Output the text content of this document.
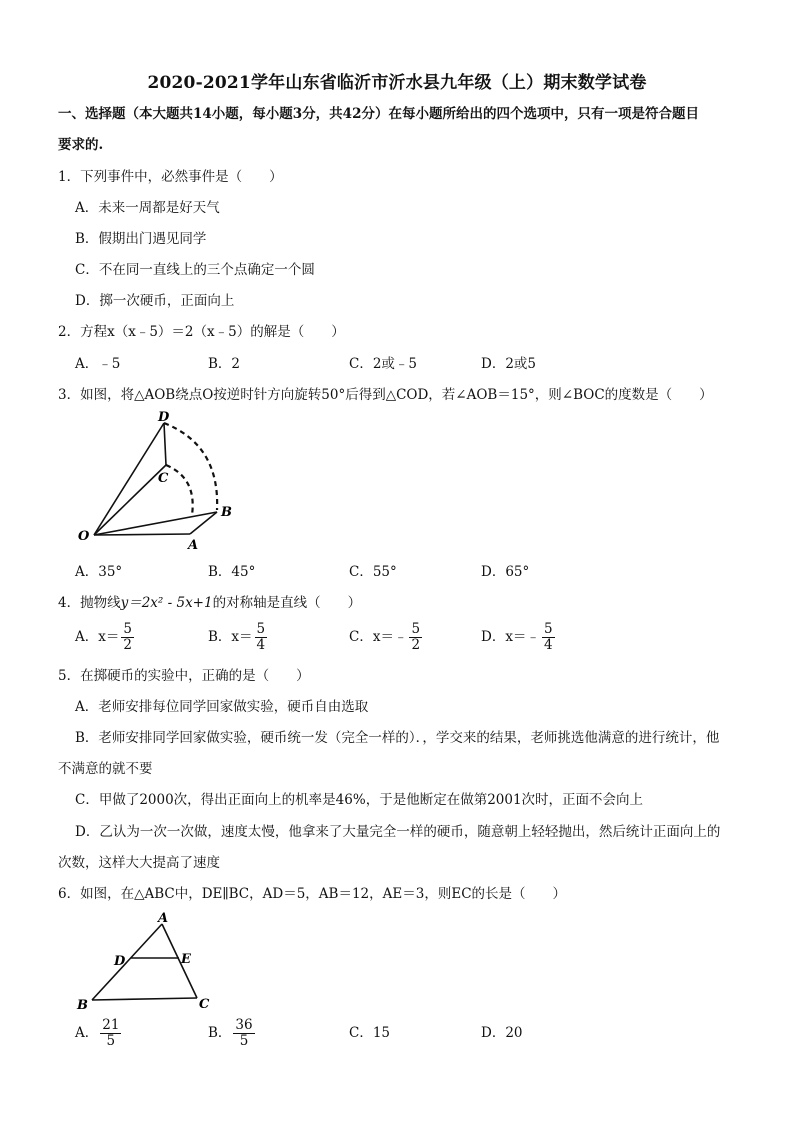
2020-2021学年山东省临沂市沂水县九年级（上）期末数学试卷
一、选择题（本大题共14小题，每小题3分，共42分）在每小题所给出的四个选项中，只有一项是符合题目
要求的.
1．下列事件中，必然事件是（　　）
A．未来一周都是好天气
B．假期出门遇见同学
C．不在同一直线上的三个点确定一个圆
D．掷一次硬币，正面向上
2．方程x（x﹣5）＝2（x﹣5）的解是（　　）
A．﹣5	B．2	C．2或﹣5	D．2或5
3．如图，将△AOB绕点O按逆时针方向旋转50°后得到△COD，若∠AOB＝15°，则∠BOC的度数是（　　）
D
C
O
A
B
A．35°	B．45°	C．55°	D．65°
4．抛物线y＝2x² - 5x+1的对称轴是直线（　　）
A．$x= \frac{5}{2}$	B．$x= \frac{5}{4}$	C．x＝﹣ $\frac{5}{2}$	D．x＝﹣ $\frac{5}{4}$
5．在掷硬币的实验中，正确的是（　　）
A．老师安排每位同学回家做实验，硬币自由选取
B．老师安排同学回家做实验，硬币统一发（完全一样的）．，学交来的结果，老师挑选他满意的进行统计，他
不满意的就不要
C．甲做了2000次，得出正面向上的机率是46%，于是他断定在做第2001次时，正面不会向上
D．乙认为一次一次做，速度太慢，他拿来了大量完全一样的硬币，随意朝上轻轻抛出，然后统计正面向上的
次数，这样大大提高了速度
6．如图，在△ABC中，DE∥BC，AD＝5，AB＝12，AE＝3，则EC的长是（　　）
A
D	E
B	C
A． $\frac{21}{5}$	B． $\frac{36}{5}$	C．15	D．20
